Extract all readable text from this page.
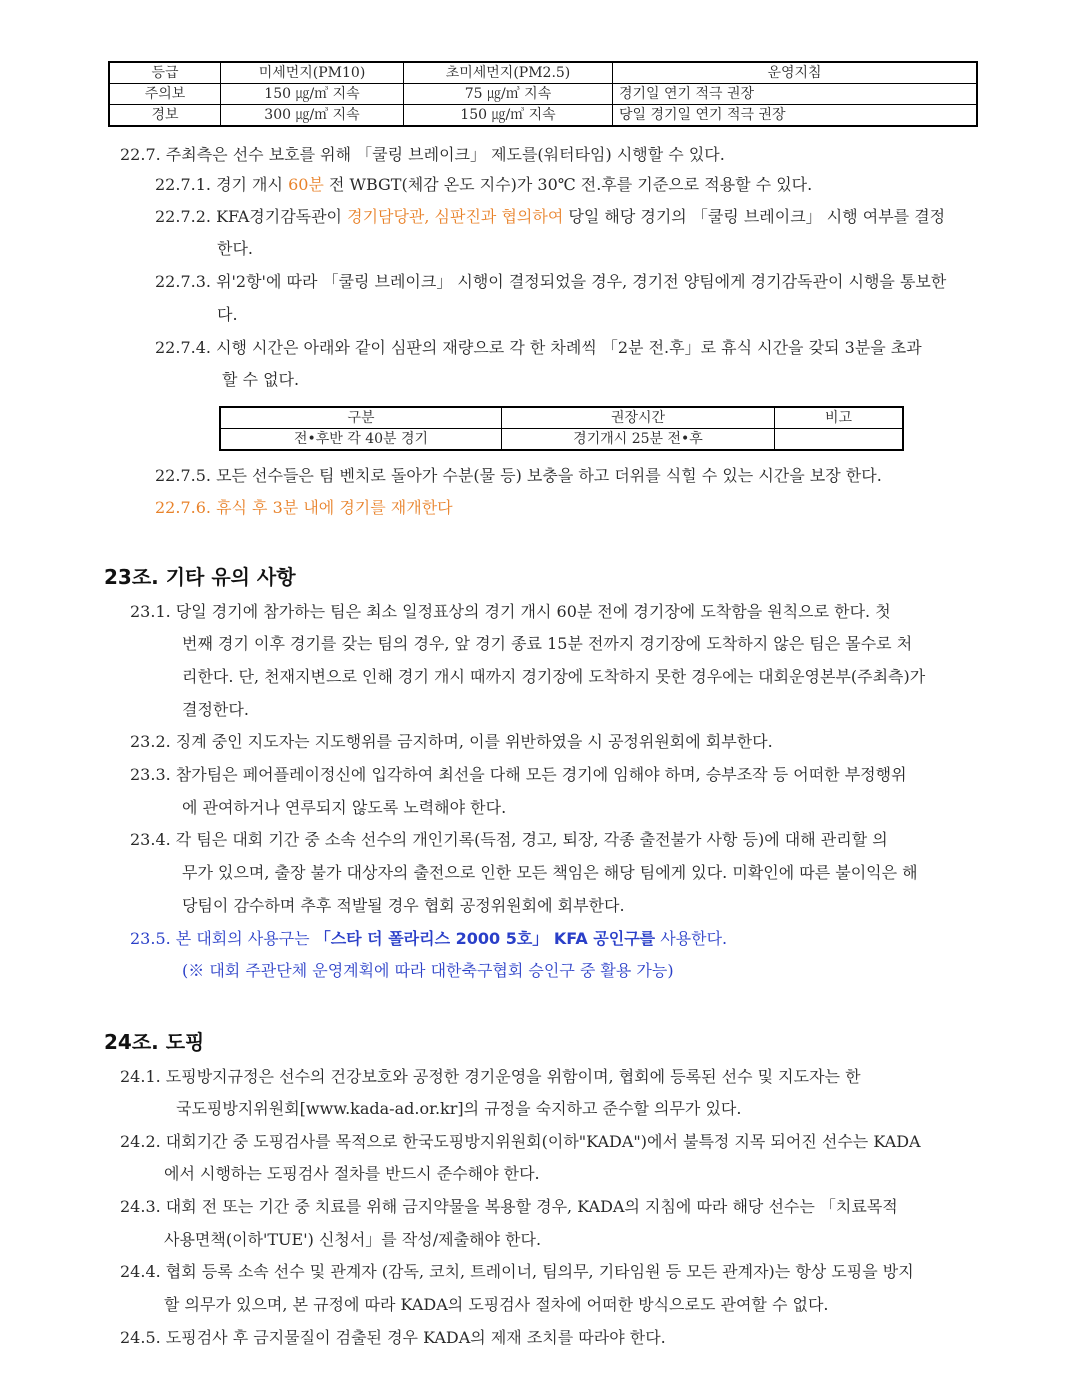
등급	미세먼지(PM10)	초미세먼지(PM2.5)	운영지침
주의보	150 ㎍/㎥ 지속	75 ㎍/㎥ 지속	경기일 연기 적극 권장
경보	300 ㎍/㎥ 지속	150 ㎍/㎥ 지속	당일 경기일 연기 적극 권장
22.7. 주최측은 선수 보호를 위해 「쿨링 브레이크」 제도를(워터타임) 시행할 수 있다.
22.7.1. 경기 개시 60분 전 WBGT(체감 온도 지수)가 30℃ 전.후를 기준으로 적용할 수 있다.
22.7.2. KFA경기감독관이 경기담당관, 심판진과 협의하여 당일 해당 경기의 「쿨링 브레이크」 시행 여부를 결정
한다.
22.7.3. 위'2항'에 따라 「쿨링 브레이크」 시행이 결정되었을 경우, 경기전 양팀에게 경기감독관이 시행을 통보한
다.
22.7.4. 시행 시간은 아래와 같이 심판의 재량으로 각 한 차례씩 「2분 전.후」로 휴식 시간을 갖되 3분을 초과
할 수 없다.
구분	권장시간	비고
전•후반 각 40분 경기	경기개시 25분 전•후	
22.7.5. 모든 선수들은 팀 벤치로 돌아가 수분(물 등) 보충을 하고 더위를 식힐 수 있는 시간을 보장 한다.
22.7.6. 휴식 후 3분 내에 경기를 재개한다
23조. 기타 유의 사항
23.1. 당일 경기에 참가하는 팀은 최소 일정표상의 경기 개시 60분 전에 경기장에 도착함을 원칙으로 한다. 첫
번째 경기 이후 경기를 갖는 팀의 경우, 앞 경기 종료 15분 전까지 경기장에 도착하지 않은 팀은 몰수로 처
리한다. 단, 천재지변으로 인해 경기 개시 때까지 경기장에 도착하지 못한 경우에는 대회운영본부(주최측)가
결정한다.
23.2. 징계 중인 지도자는 지도행위를 금지하며, 이를 위반하였을 시 공정위원회에 회부한다.
23.3. 참가팀은 페어플레이정신에 입각하여 최선을 다해 모든 경기에 임해야 하며, 승부조작 등 어떠한 부정행위
에 관여하거나 연루되지 않도록 노력해야 한다.
23.4. 각 팀은 대회 기간 중 소속 선수의 개인기록(득점, 경고, 퇴장, 각종 출전불가 사항 등)에 대해 관리할 의
무가 있으며, 출장 불가 대상자의 출전으로 인한 모든 책임은 해당 팀에게 있다. 미확인에 따른 불이익은 해
당팀이 감수하며 추후 적발될 경우 협회 공정위원회에 회부한다.
23.5. 본 대회의 사용구는 「스타 더 폴라리스 2000 5호」 KFA 공인구를 사용한다.
(※ 대회 주관단체 운영계획에 따라 대한축구협회 승인구 중 활용 가능)
24조. 도핑
24.1. 도핑방지규정은 선수의 건강보호와 공정한 경기운영을 위함이며, 협회에 등록된 선수 및 지도자는 한
국도핑방지위원회[www.kada-ad.or.kr]의 규정을 숙지하고 준수할 의무가 있다.
24.2. 대회기간 중 도핑검사를 목적으로 한국도핑방지위원회(이하"KADA")에서 불특정 지목 되어진 선수는 KADA
에서 시행하는 도핑검사 절차를 반드시 준수해야 한다.
24.3. 대회 전 또는 기간 중 치료를 위해 금지약물을 복용할 경우, KADA의 지침에 따라 해당 선수는 「치료목적
사용면책(이하'TUE') 신청서」를 작성/제출해야 한다.
24.4. 협회 등록 소속 선수 및 관계자 (감독, 코치, 트레이너, 팀의무, 기타임원 등 모든 관계자)는 항상 도핑을 방지
할 의무가 있으며, 본 규정에 따라 KADA의 도핑검사 절차에 어떠한 방식으로도 관여할 수 없다.
24.5. 도핑검사 후 금지물질이 검출된 경우 KADA의 제재 조치를 따라야 한다.
